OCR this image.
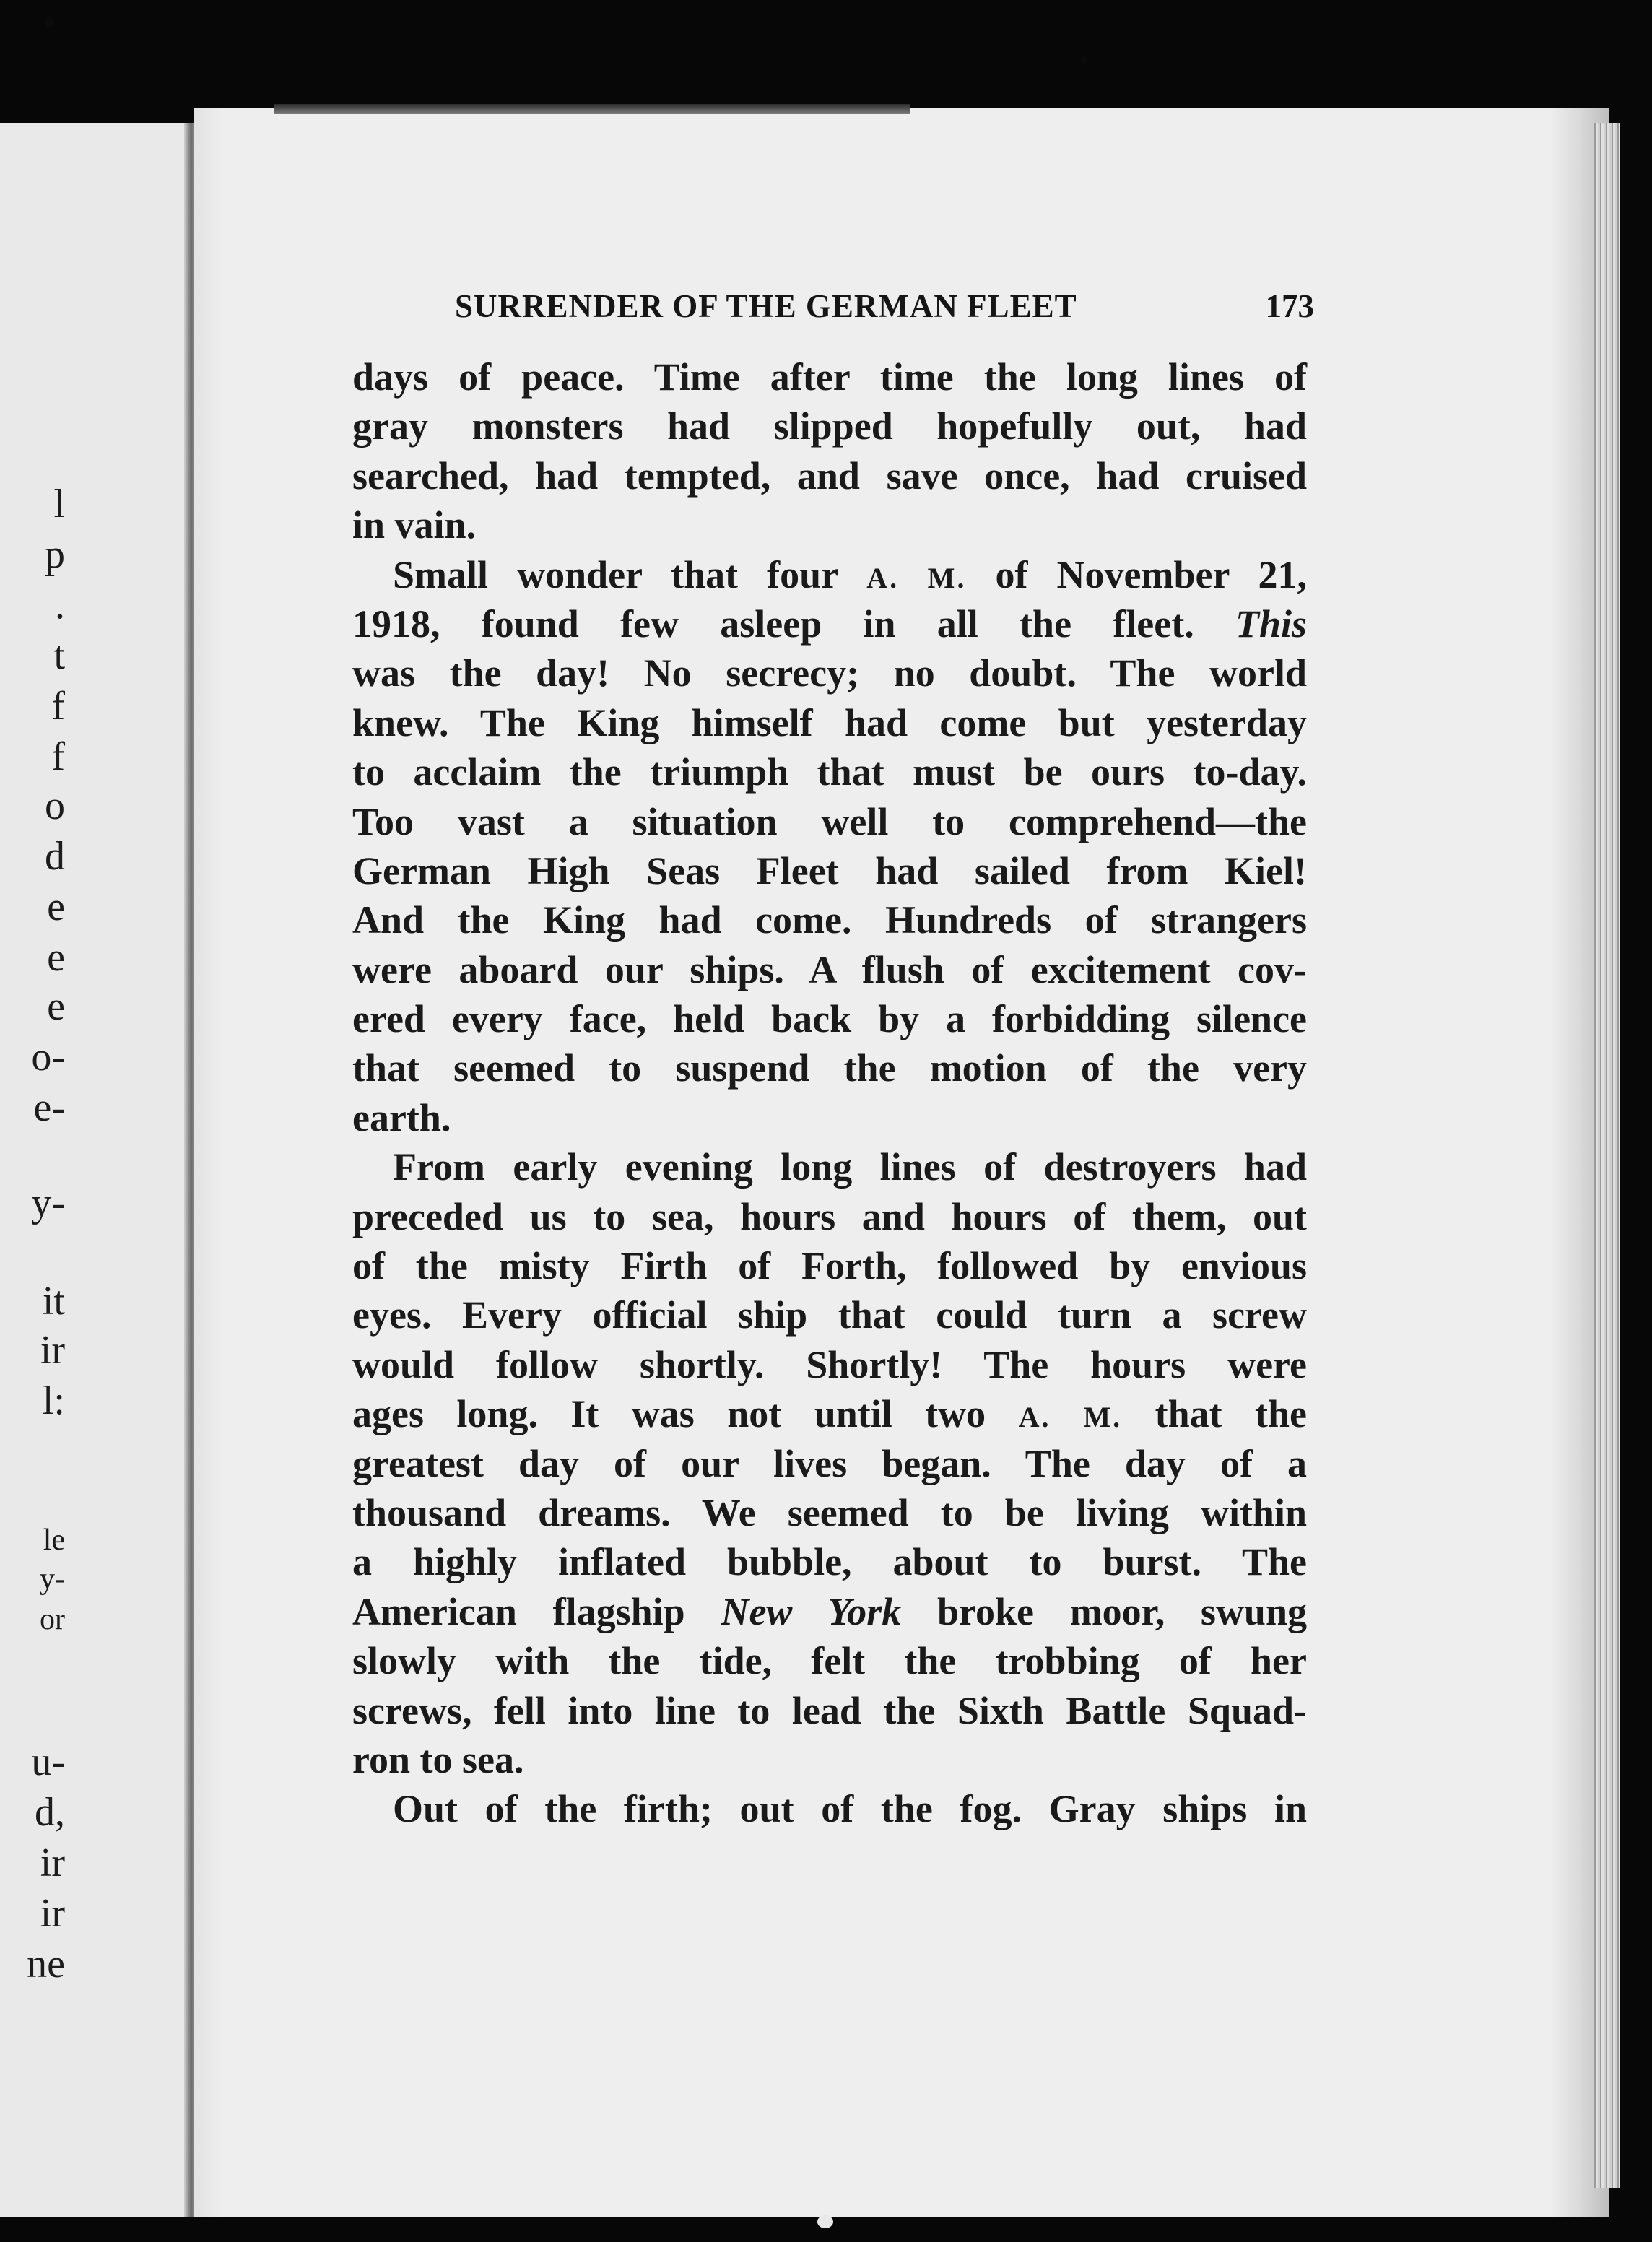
l
p
.
t
f
f
o
d
e
e
e
o-
e-
y-
it
ir
l:
le
y-
or
u-
d,
ir
ir
ne
SURRENDER OF THE GERMAN FLEET	173
days of peace. Time after time the long lines of
gray monsters had slipped hopefully out, had
searched, had tempted, and save once, had cruised
in vain.
Small wonder that four A. M. of November 21,
1918, found few asleep in all the fleet. This
was the day! No secrecy; no doubt. The world
knew. The King himself had come but yesterday
to acclaim the triumph that must be ours to-day.
Too vast a situation well to comprehend—the
German High Seas Fleet had sailed from Kiel!
And the King had come. Hundreds of strangers
were aboard our ships. A flush of excitement cov-
ered every face, held back by a forbidding silence
that seemed to suspend the motion of the very
earth.
From early evening long lines of destroyers had
preceded us to sea, hours and hours of them, out
of the misty Firth of Forth, followed by envious
eyes. Every official ship that could turn a screw
would follow shortly. Shortly! The hours were
ages long. It was not until two A. M. that the
greatest day of our lives began. The day of a
thousand dreams. We seemed to be living within
a highly inflated bubble, about to burst. The
American flagship New York broke moor, swung
slowly with the tide, felt the trobbing of her
screws, fell into line to lead the Sixth Battle Squad-
ron to sea.
Out of the firth; out of the fog. Gray ships in
